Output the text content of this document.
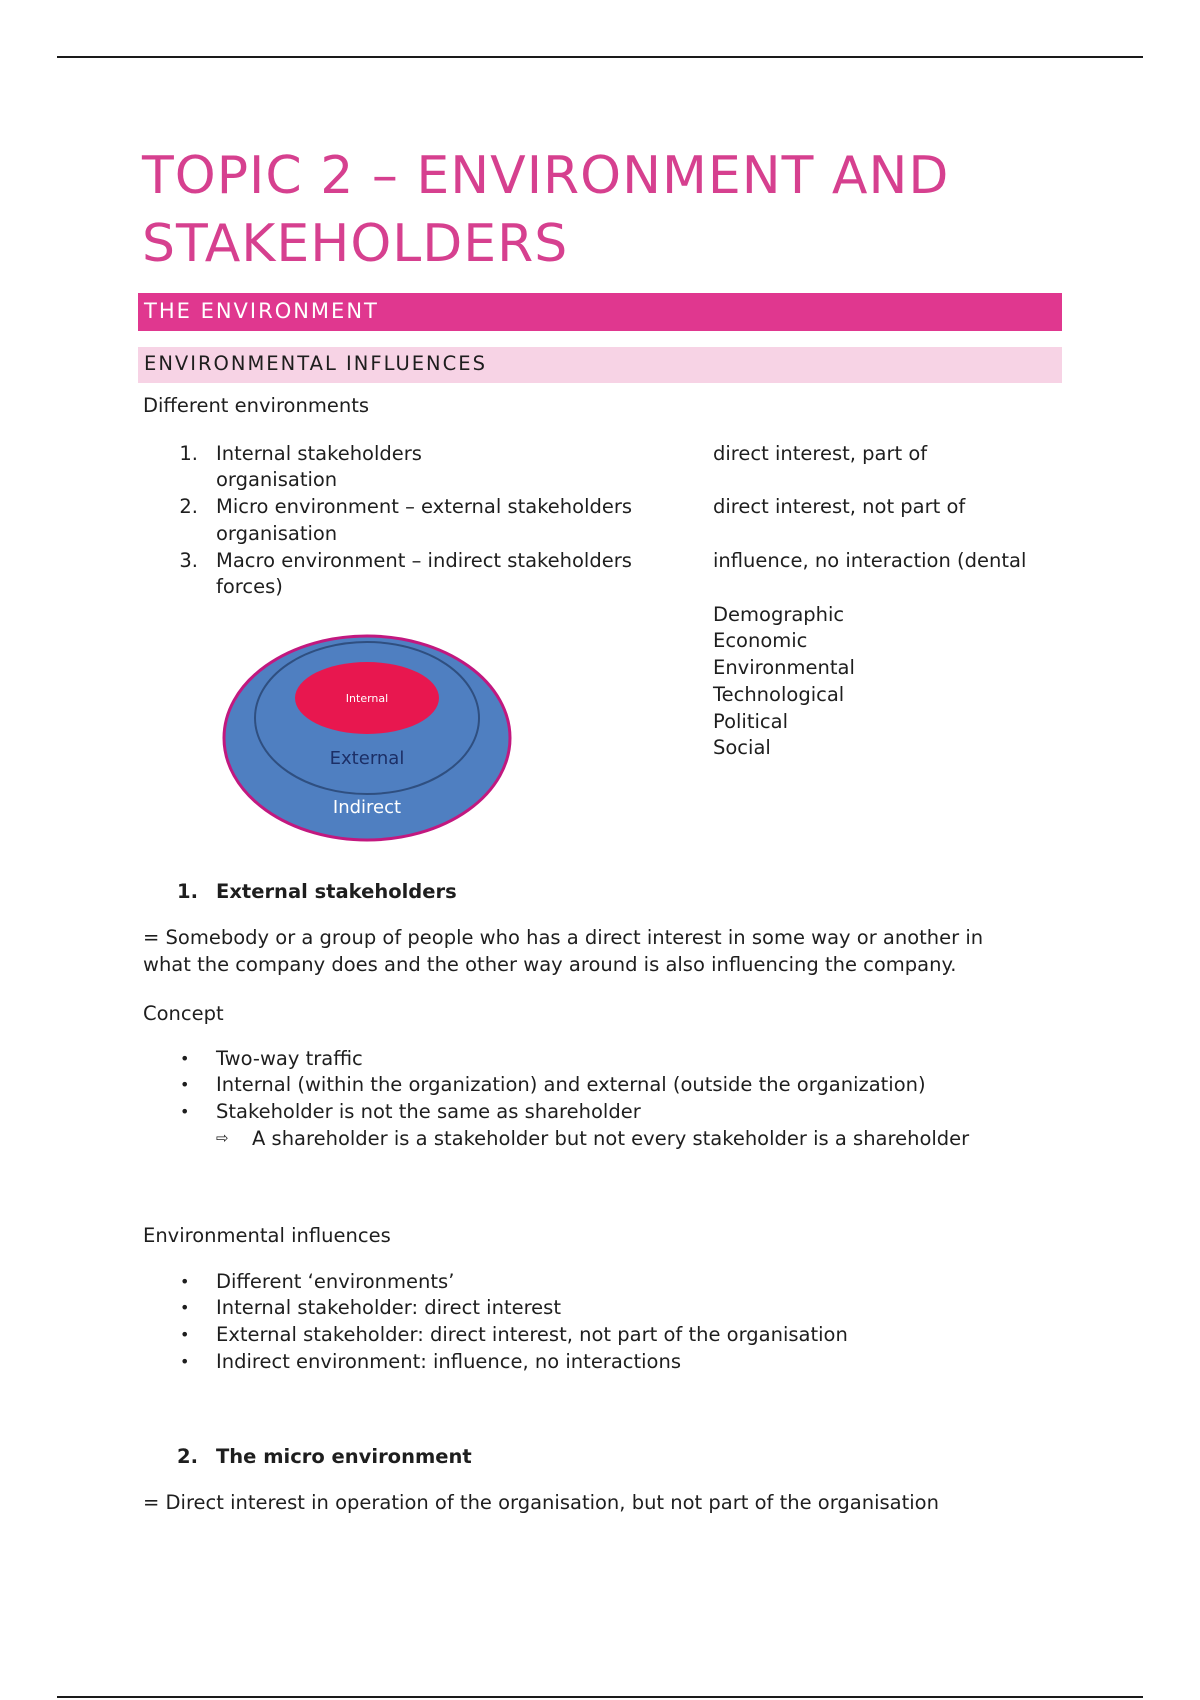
TOPIC 2 – ENVIRONMENT AND STAKEHOLDERS
THE ENVIRONMENT
ENVIRONMENTAL INFLUENCES
Different environments
1. Internal stakeholders
organisation
direct interest, part of
2. Micro environment – external stakeholders
organisation
direct interest, not part of
3. Macro environment – indirect stakeholders
forces)
influence, no interaction (dental
Demographic
Economic
Environmental
Technological
Political
Social
Internal
External
Indirect
1. External stakeholders
= Somebody or a group of people who has a direct interest in some way or another in
what the company does and the other way around is also influencing the company.
Concept
• Two-way traffic
• Internal (within the organization) and external (outside the organization)
• Stakeholder is not the same as shareholder
⇨ A shareholder is a stakeholder but not every stakeholder is a shareholder
Environmental influences
• Different ‘environments’
• Internal stakeholder: direct interest
• External stakeholder: direct interest, not part of the organisation
• Indirect environment: influence, no interactions
2. The micro environment
= Direct interest in operation of the organisation, but not part of the organisation
